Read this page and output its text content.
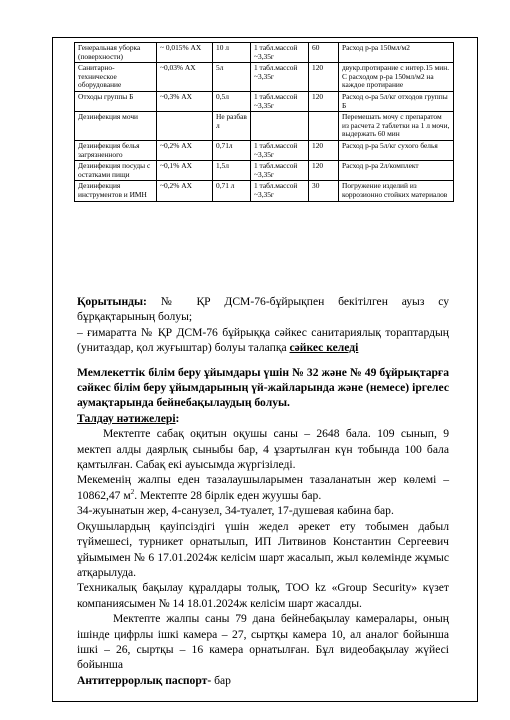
Генеральная уборка (поверхности)	~ 0,015% АХ	10 л	1 табл.массой ~3,35г	60	Расход р-ра 150мл/м2
Санитарно-техническое оборудование	~0,03% АХ	5л	1 табл.массой ~3,35г	120	двукр.протирание с интер.15 мин. С расходом р-ра 150мл/м2 на каждое протирание
Отходы группы Б	~0,3% АХ	0,5л	1 табл.массой ~3,35г	120	Расход о-ра 5л/кг отходов группы Б
Дезинфекция мочи		Не разбав л			Перемешать мочу с препаратом из расчета 2 таблетки на 1 л мочи, выдержать 60 мин
Дезинфекция белья загрязненного	~0,2% АХ	0,71л	1 табл.массой ~3,35г	120	Расход р-ра 5л/кг сухого белья
Дезинфекция посуды с остатками пищи	~0,1% АХ	1,5л	1 табл.массой ~3,35г	120	Расход р-ра 2л/комплект
Дезинфекция инструментов и ИМН	~0,2% АХ	0,71 л	1 табл.массой ~3,35г	30	Погружение изделий из коррозионно стойких материалов

Қорытынды: № ҚР ДСМ-76-бұйрықпен бекітілген ауыз су бұрқақтарының болуы;

– ғимаратта № ҚР ДСМ-76 бұйрыққа сәйкес санитариялық тораптардың (унитаздар, қол жуғыштар) болуы талапқа сәйкес келеді

Мемлекеттік білім беру ұйымдары үшін № 32 және № 49 бұйрықтарға сәйкес білім беру ұйымдарының үй-жайларында және (немесе) іргелес аумақтарында бейнебақылаудың болуы.

Талдау нәтижелері:

Мектепте сабақ оқитын оқушы саны – 2648 бала. 109 сынып, 9 мектеп алды даярлық сыныбы бар, 4 ұзартылған күн тобында 100 бала қамтылған. Сабақ екі ауысымда жүргізіледі.

Мекеменің жалпы еден тазалаушыларымен тазаланатын жер көлемі – 10862,47 $м^2$. Мектепте 28 бірлік еден жуушы бар.

34-жуынатын жер, 4-санузел, 34-туалет, 17-душевая кабина бар.

Оқушылардың қауіпсіздігі үшін жедел әрекет ету тобымен дабыл түймешесі, турникет орнатылып, ИП Литвинов Константин Сергеевич ұйымымен № 6 17.01.2024ж келісім шарт жасалып, жыл көлемінде жұмыс атқарылуда.

Техникалық бақылау құралдары толық, ТОО kz «Group Security» күзет компаниясымен № 14 18.01.2024ж келісім шарт жасалды.

Мектепте жалпы саны 79 дана бейнебақылау камералары, оның ішінде цифрлы ішкі камера – 27, сыртқы камера 10, ал аналог бойынша ішкі – 26, сыртқы – 16 камера орнатылған. Бұл видеобақылау жүйесі бойынша

Антитеррорлық паспорт- бар
